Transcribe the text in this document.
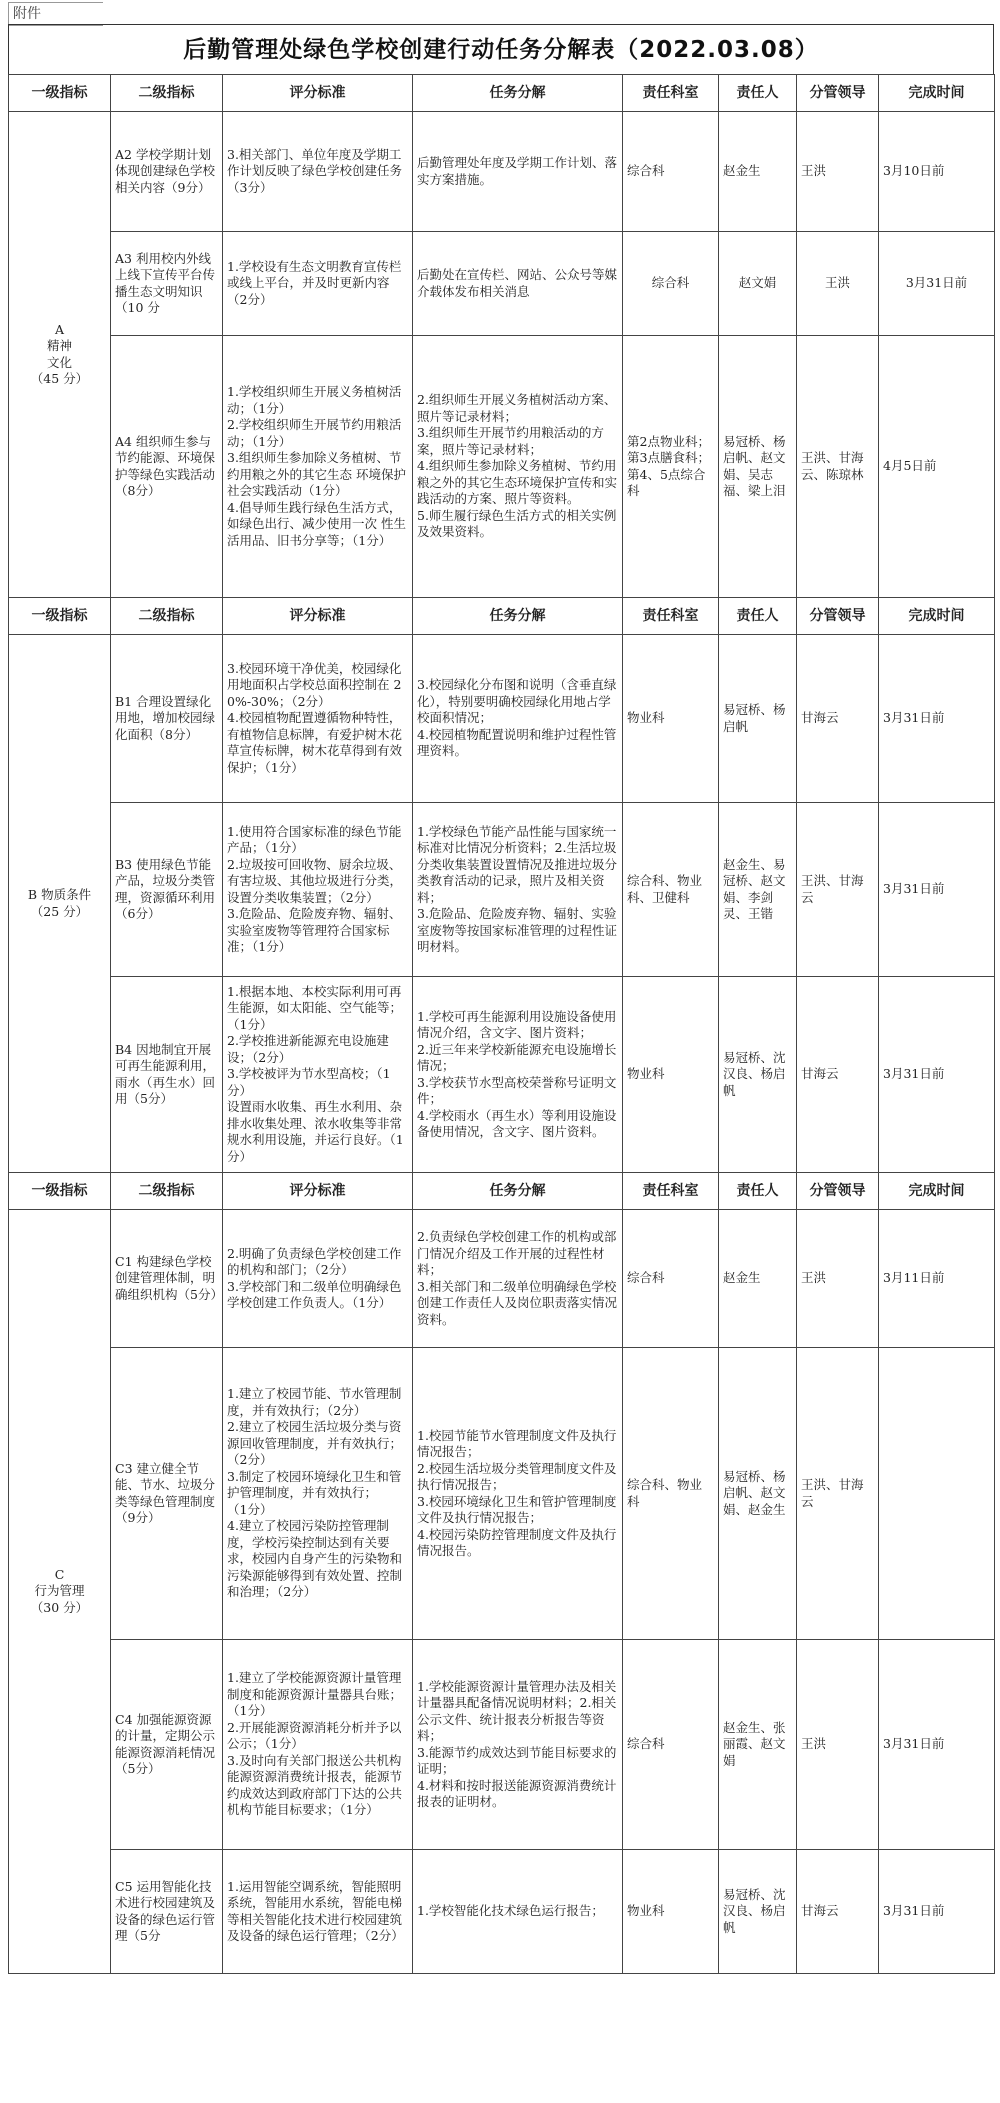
附件
后勤管理处绿色学校创建行动任务分解表（2022.03.08）
一级指标	二级指标	评分标准	任务分解	责任科室	责任人	分管领导	完成时间
A
精神
文化
（45 分）	A2 学校学期计划体现创建绿色学校相关内容（9分）	3.相关部门、单位年度及学期工作计划反映了绿色学校创建任务（3分）	后勤管理处年度及学期工作计划、落实方案措施。	综合科	赵金生	王洪	3月10日前
	A3 利用校内外线上线下宣传平台传播生态文明知识（10 分	1.学校设有生态文明教育宣传栏或线上平台，并及时更新内容（2分）	后勤处在宣传栏、网站、公众号等媒介载体发布相关消息	综合科	赵文娟	王洪	3月31日前
	A4 组织师生参与节约能源、环境保护等绿色实践活动（8分）	1.学校组织师生开展义务植树活动；（1分）
2.学校组织师生开展节约用粮活动；（1分）
3.组织师生参加除义务植树、节约用粮之外的其它生态 环境保护社会实践活动（1分）
4.倡导师生践行绿色生活方式，如绿色出行、减少使用一次 性生活用品、旧书分享等；（1分）	2.组织师生开展义务植树活动方案、照片等记录材料；
3.组织师生开展节约用粮活动的方案，照片等记录材料；
4.组织师生参加除义务植树、节约用粮之外的其它生态环境保护宣传和实践活动的方案、照片等资料。
5.师生履行绿色生活方式的相关实例及效果资料。	第2点物业科；第3点膳食科；第4、5点综合科	易冠桥、杨启帆、赵文娟、吴志福、梁上泪	王洪、甘海云、陈琼林	4月5日前
一级指标	二级指标	评分标准	任务分解	责任科室	责任人	分管领导	完成时间
B 物质条件
（25 分）	B1 合理设置绿化用地，增加校园绿化面积（8分）	3.校园环境干净优美，校园绿化用地面积占学校总面积控制在 20%-30%；（2分）
4.校园植物配置遵循物种特性，有植物信息标牌，有爱护树木花草宣传标牌，树木花草得到有效保护；（1分）	3.校园绿化分布图和说明（含垂直绿化），特别要明确校园绿化用地占学校面积情况；
4.校园植物配置说明和维护过程性管理资料。	物业科	易冠桥、杨启帆	甘海云	3月31日前
	B3 使用绿色节能产品，垃圾分类管理，资源循环利用（6分）	1.使用符合国家标准的绿色节能产品；（1分）
2.垃圾按可回收物、厨余垃圾、有害垃圾、其他垃圾进行分类，设置分类收集装置；（2分）
3.危险品、危险废弃物、辐射、实验室废物等管理符合国家标准；（1分）	1.学校绿色节能产品性能与国家统一标准对比情况分析资料；2.生活垃圾分类收集装置设置情况及推进垃圾分类教育活动的记录，照片及相关资料；
3.危险品、危险废弃物、辐射、实验室废物等按国家标准管理的过程性证明材料。	综合科、物业科、卫健科	赵金生、易冠桥、赵文娟、李剑灵、王锴	王洪、甘海云	3月31日前
	B4 因地制宜开展可再生能源利用，雨水（再生水）回用（5分）	1.根据本地、本校实际利用可再生能源，如太阳能、空气能等；（1分）
2.学校推进新能源充电设施建设；（2分）
3.学校被评为节水型高校；（1分）
设置雨水收集、再生水利用、杂排水收集处理、浓水收集等非常规水利用设施，并运行良好。（1分）	1.学校可再生能源利用设施设备使用情况介绍，含文字、图片资料；
2.近三年来学校新能源充电设施增长情况；
3.学校获节水型高校荣誉称号证明文件；
4.学校雨水（再生水）等利用设施设备使用情况，含文字、图片资料。	物业科	易冠桥、沈汉良、杨启帆	甘海云	3月31日前
一级指标	二级指标	评分标准	任务分解	责任科室	责任人	分管领导	完成时间
C
行为管理
（30 分）	C1 构建绿色学校创建管理体制，明确组织机构（5分）	2.明确了负责绿色学校创建工作的机构和部门；（2分）
3.学校部门和二级单位明确绿色学校创建工作负责人。（1分）	2.负责绿色学校创建工作的机构或部门情况介绍及工作开展的过程性材料；
3.相关部门和二级单位明确绿色学校创建工作责任人及岗位职责落实情况资料。	综合科	赵金生	王洪	3月11日前
	C3 建立健全节能、节水、垃圾分类等绿色管理制度（9分）	1.建立了校园节能、节水管理制度，并有效执行；（2分）
2.建立了校园生活垃圾分类与资源回收管理制度，并有效执行；（2分）
3.制定了校园环境绿化卫生和管护管理制度，并有效执行；
（1分）
4.建立了校园污染防控管理制度，学校污染控制达到有关要求，校园内自身产生的污染物和污染源能够得到有效处置、控制和治理；（2分）	1.校园节能节水管理制度文件及执行情况报告；
2.校园生活垃圾分类管理制度文件及执行情况报告；
3.校园环境绿化卫生和管护管理制度文件及执行情况报告；
4.校园污染防控管理制度文件及执行情况报告。	综合科、物业科	易冠桥、杨启帆、赵文娟、赵金生	王洪、甘海云	
	C4 加强能源资源的计量，定期公示能源资源消耗情况（5分）	1.建立了学校能源资源计量管理制度和能源资源计量器具台账；（1分）
2.开展能源资源消耗分析并予以公示；（1分）
3.及时向有关部门报送公共机构能源资源消费统计报表，能源节约成效达到政府部门下达的公共机构节能目标要求；（1分）	1.学校能源资源计量管理办法及相关计量器具配备情况说明材料；2.相关公示文件、统计报表分析报告等资料；
3.能源节约成效达到节能目标要求的证明；
4.材料和按时报送能源资源消费统计报表的证明材。	综合科	赵金生、张丽霞、赵文娟	王洪	3月31日前
	C5 运用智能化技术进行校园建筑及设备的绿色运行管理（5分	1.运用智能空调系统，智能照明系统，智能用水系统，智能电梯等相关智能化技术进行校园建筑及设备的绿色运行管理；（2分）	1.学校智能化技术绿色运行报告；	物业科	易冠桥、沈汉良、杨启帆	甘海云	3月31日前
